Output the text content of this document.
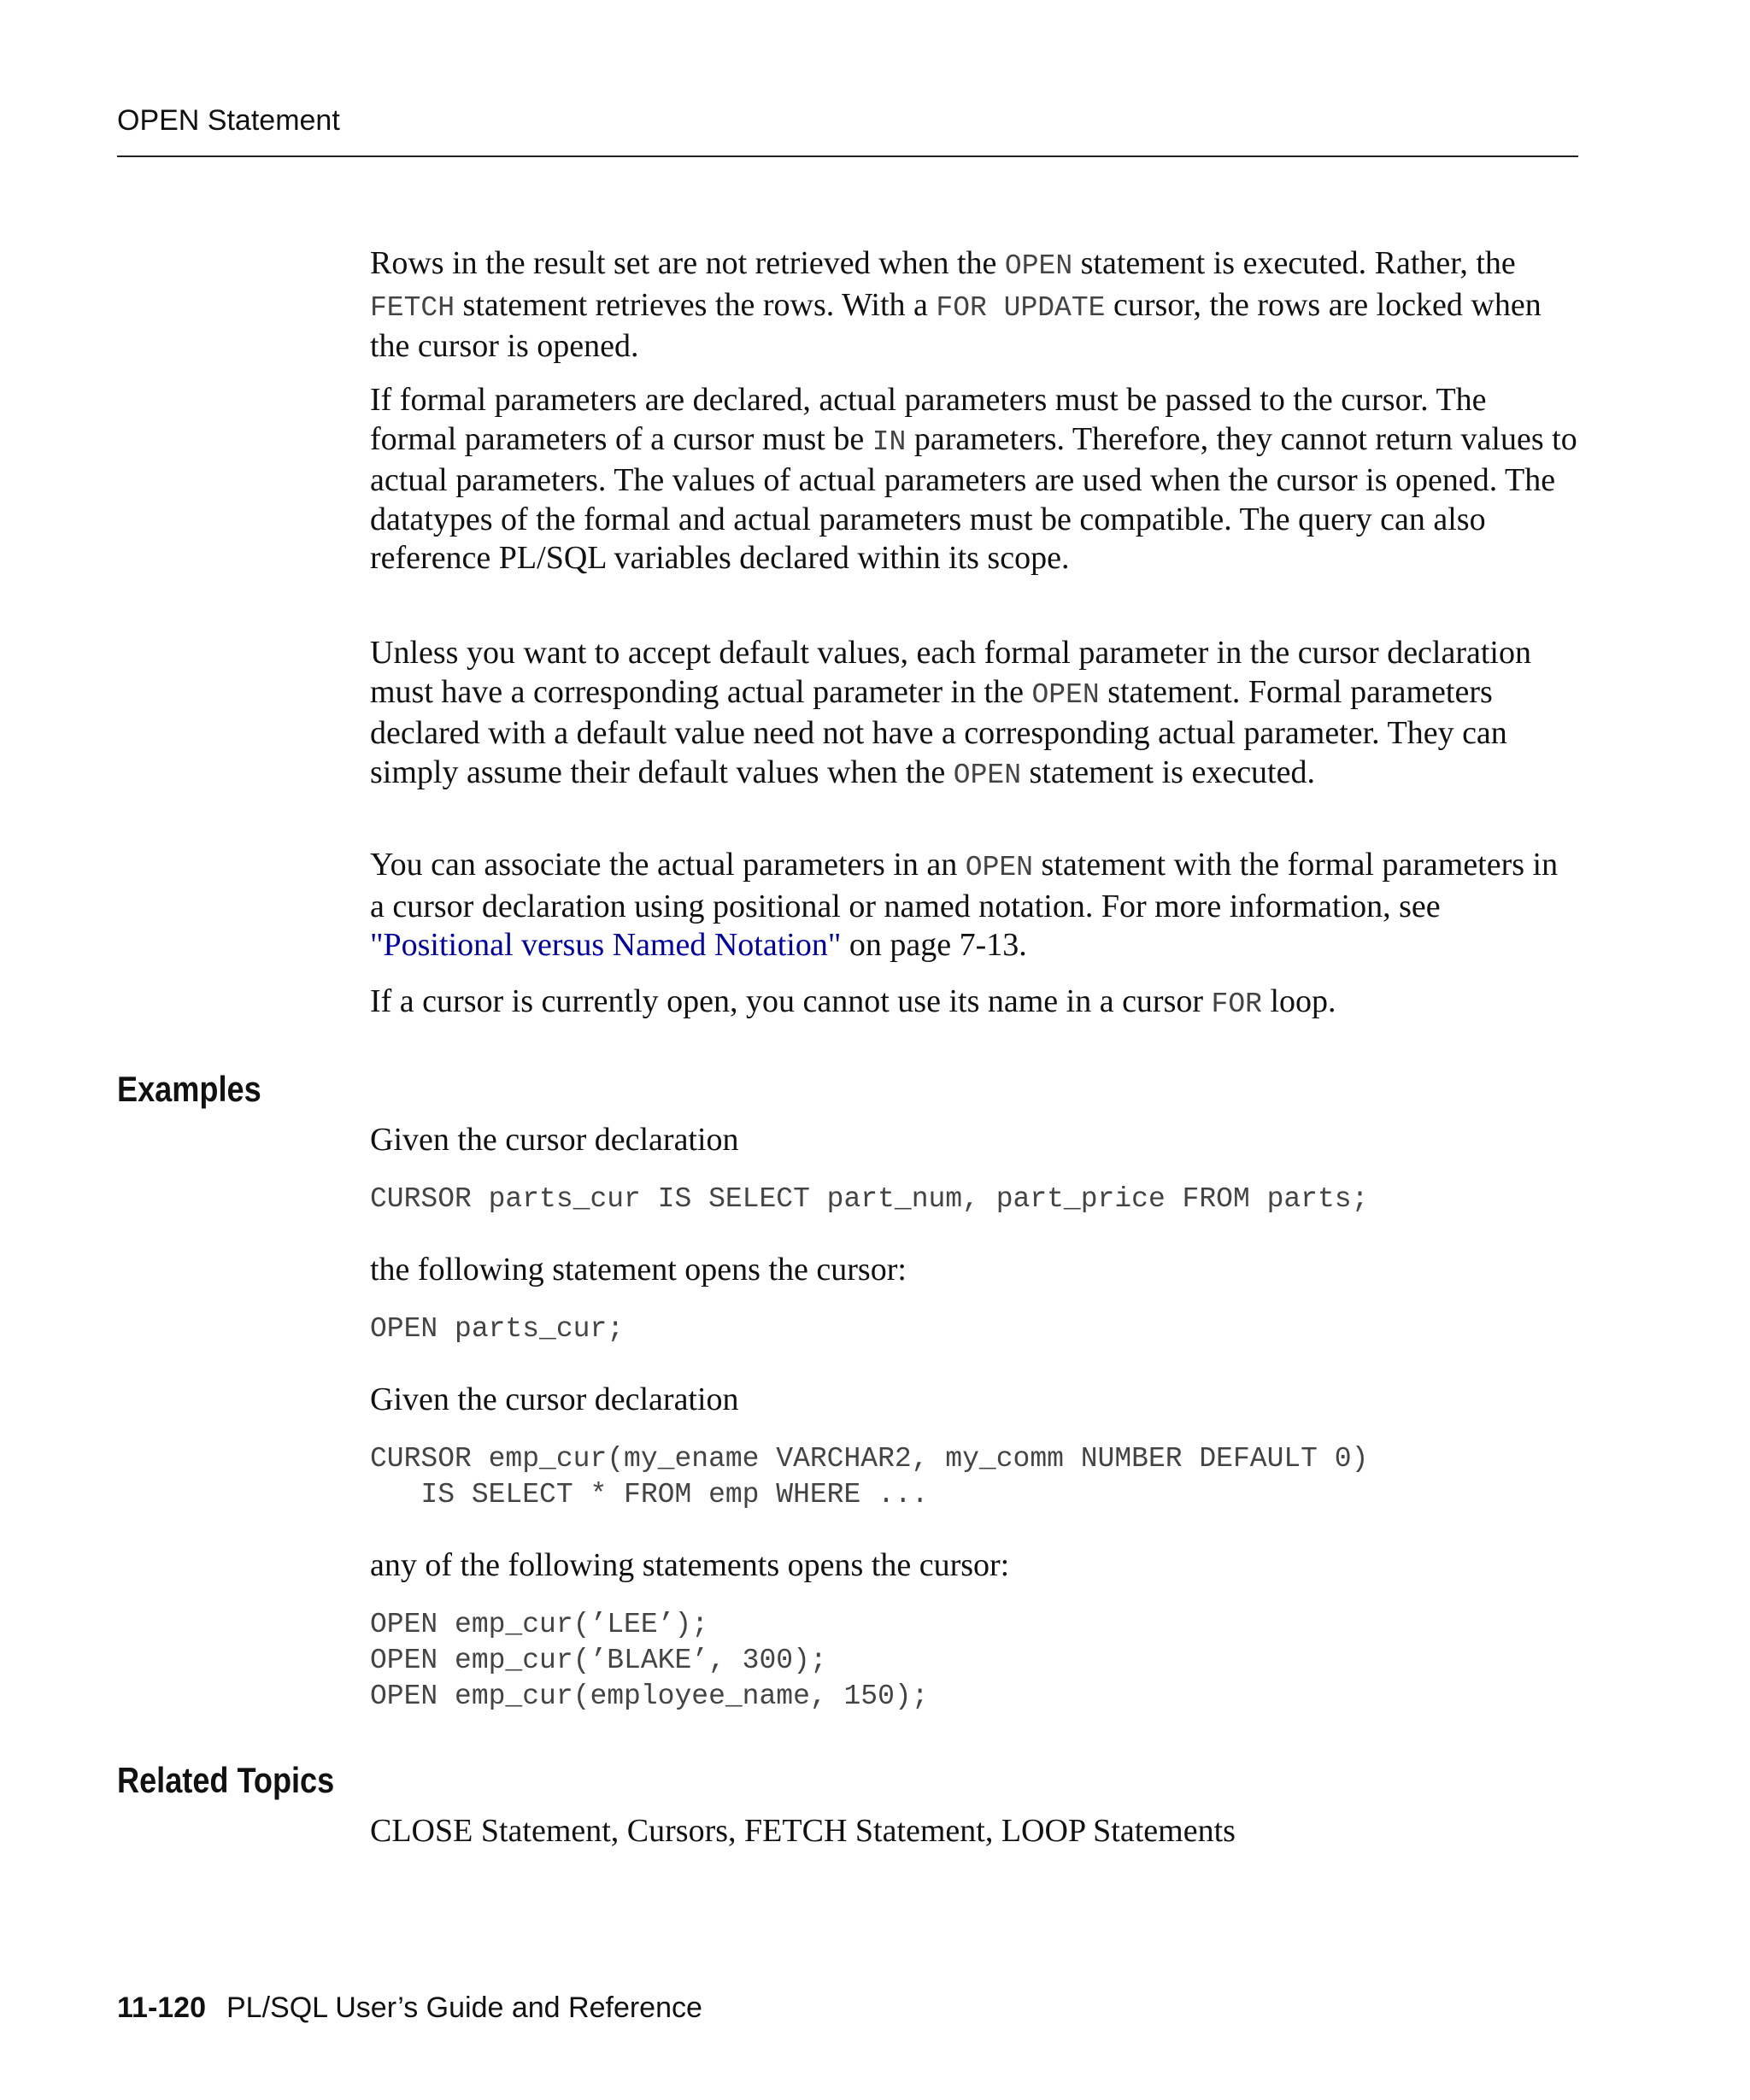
OPEN Statement

Rows in the result set are not retrieved when the OPEN statement is executed. Rather, the FETCH statement retrieves the rows. With a FOR UPDATE cursor, the rows are locked when the cursor is opened.

If formal parameters are declared, actual parameters must be passed to the cursor. The formal parameters of a cursor must be IN parameters. Therefore, they cannot return values to actual parameters. The values of actual parameters are used when the cursor is opened. The datatypes of the formal and actual parameters must be compatible. The query can also reference PL/SQL variables declared within its scope.

Unless you want to accept default values, each formal parameter in the cursor declaration must have a corresponding actual parameter in the OPEN statement. Formal parameters declared with a default value need not have a corresponding actual parameter. They can simply assume their default values when the OPEN statement is executed.

You can associate the actual parameters in an OPEN statement with the formal parameters in a cursor declaration using positional or named notation. For more information, see "Positional versus Named Notation" on page 7-13.

If a cursor is currently open, you cannot use its name in a cursor FOR loop.

Examples

Given the cursor declaration

CURSOR parts_cur IS SELECT part_num, part_price FROM parts;

the following statement opens the cursor:

OPEN parts_cur;

Given the cursor declaration

CURSOR emp_cur(my_ename VARCHAR2, my_comm NUMBER DEFAULT 0)
IS SELECT * FROM emp WHERE ...

any of the following statements opens the cursor:

OPEN emp_cur(’LEE’);
OPEN emp_cur(’BLAKE’, 300);
OPEN emp_cur(employee_name, 150);
Related Topics

CLOSE Statement, Cursors, FETCH Statement, LOOP Statements

11-120 PL/SQL User’s Guide and Reference
